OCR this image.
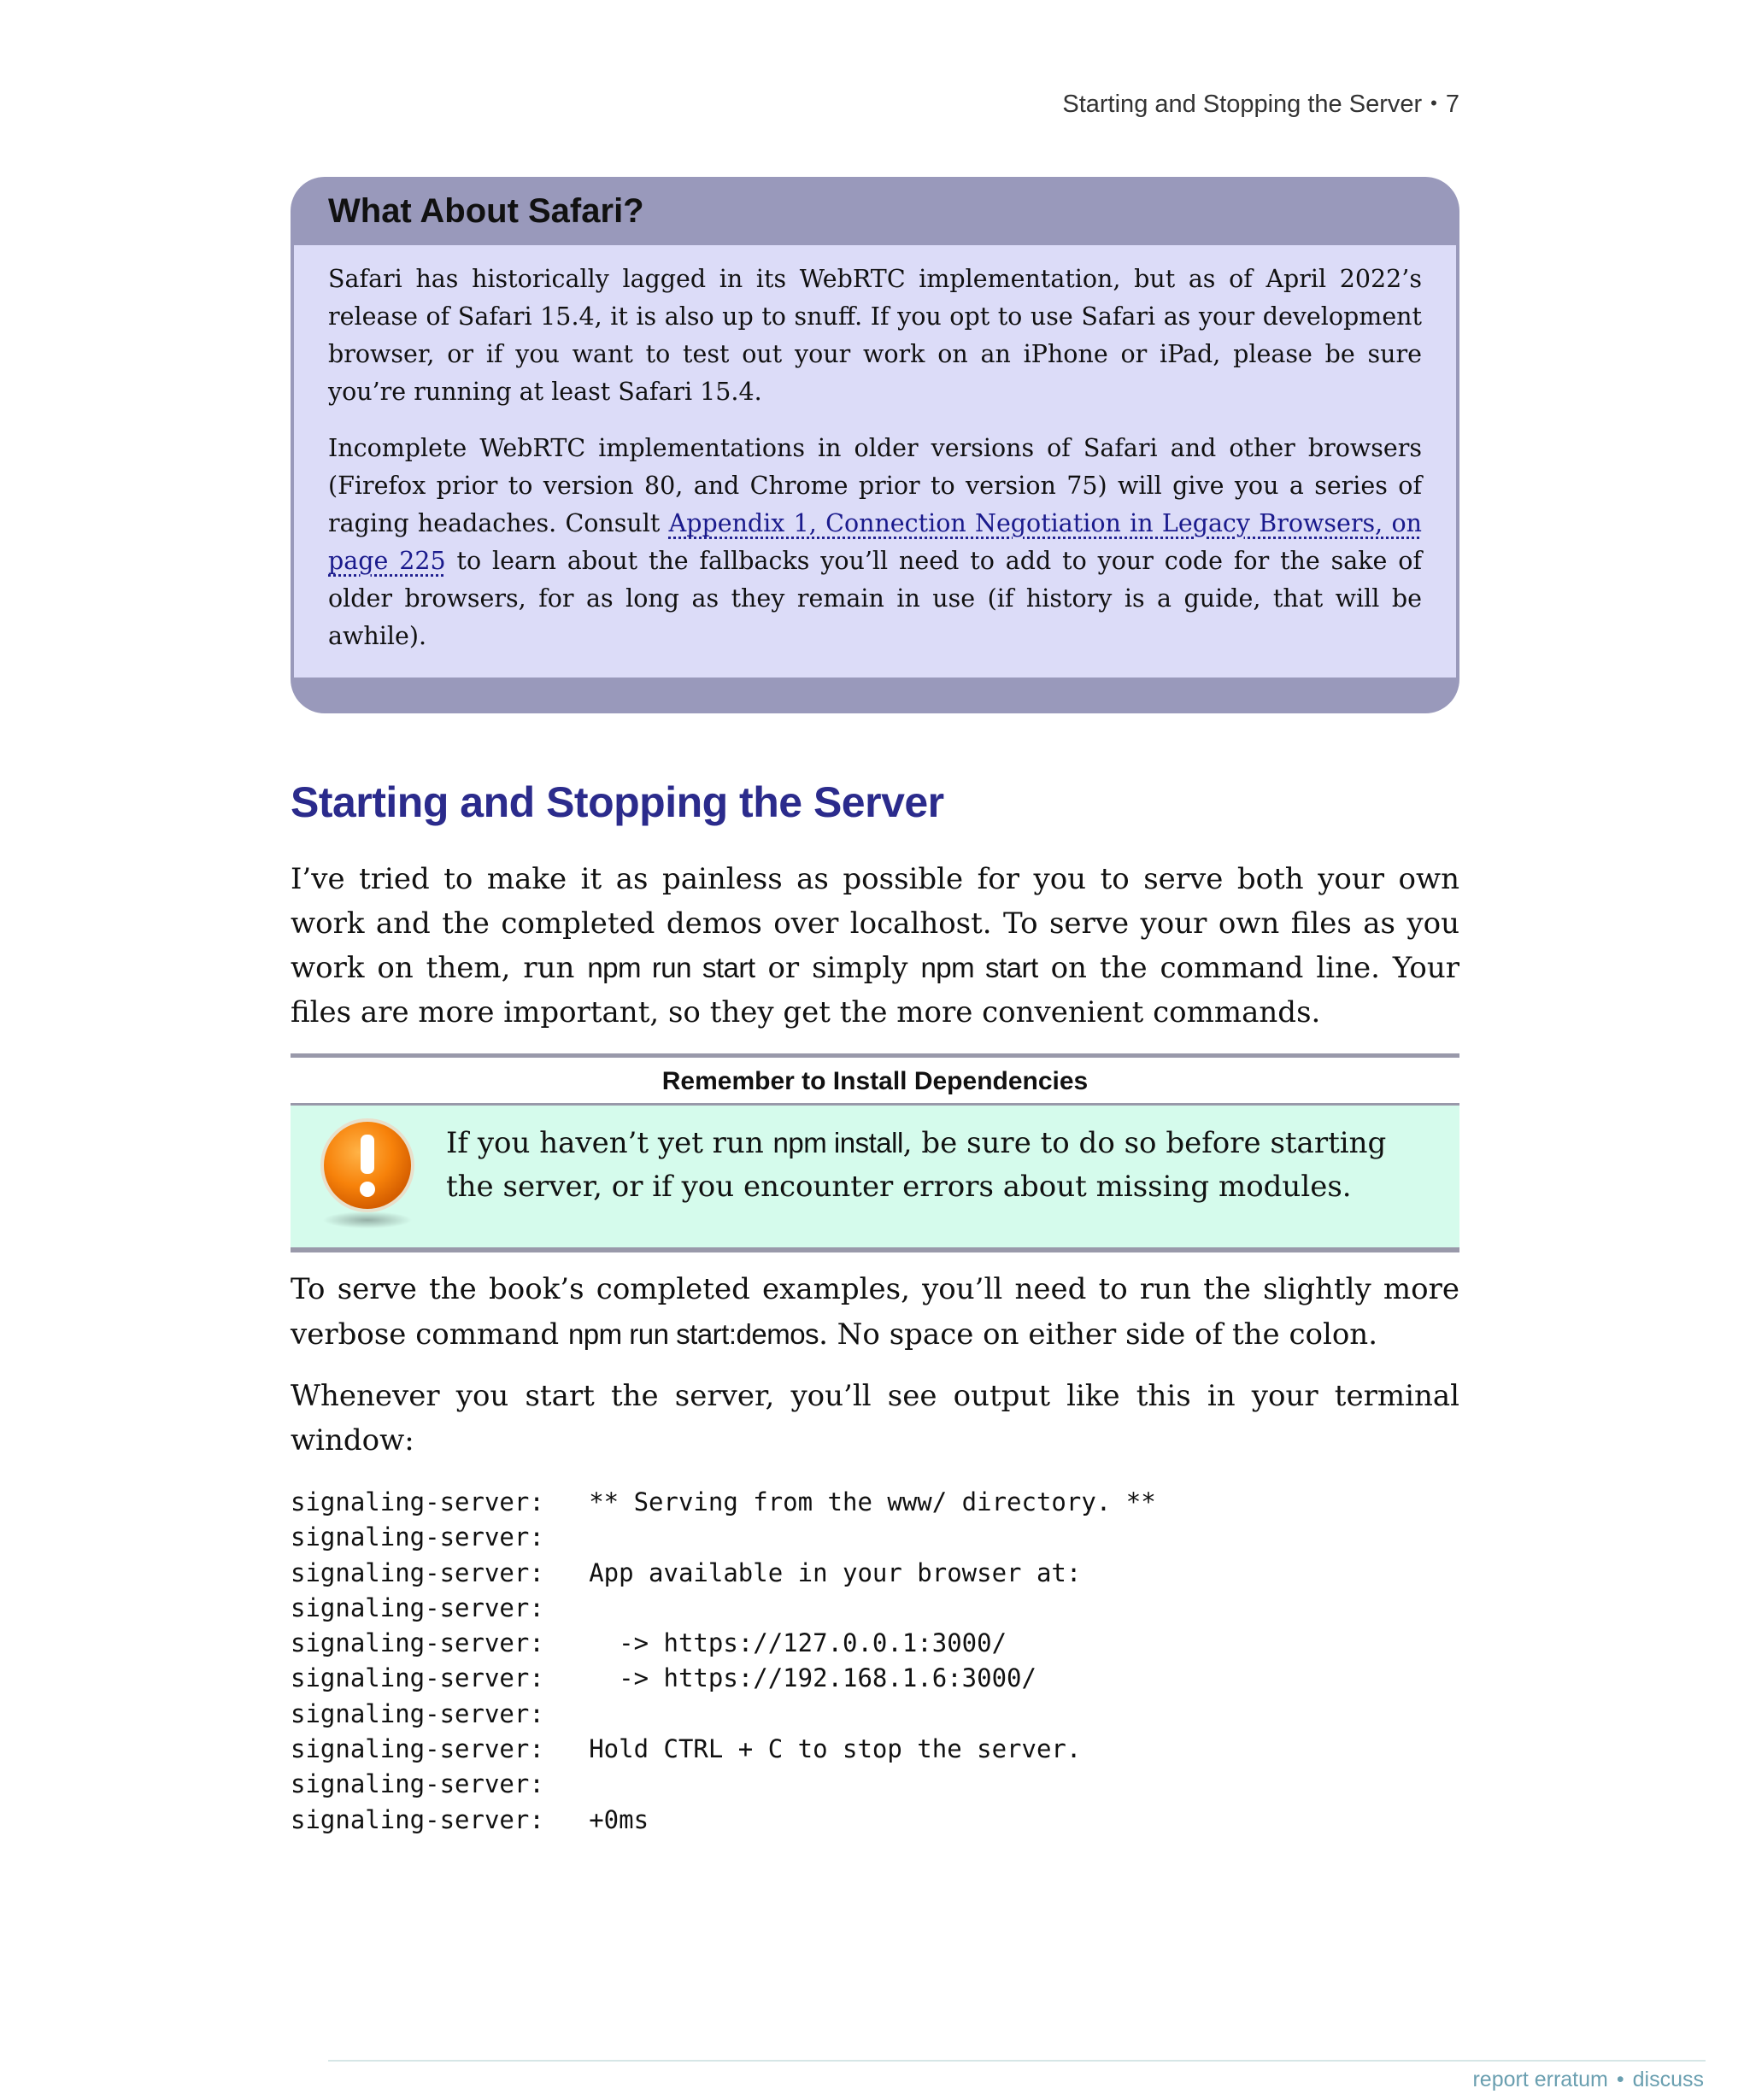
Starting and Stopping the Server • 7
What About Safari?

Safari has historically lagged in its WebRTC implementation, but as of April 2022’s release of Safari 15.4, it is also up to snuff. If you opt to use Safari as your development browser, or if you want to test out your work on an iPhone or iPad, please be sure you’re running at least Safari 15.4.

Incomplete WebRTC implementations in older versions of Safari and other browsers (Firefox prior to version 80, and Chrome prior to version 75) will give you a series of raging headaches. Consult Appendix 1, Connection Negotiation in Legacy Browsers, on page 225 to learn about the fallbacks you’ll need to add to your code for the sake of older browsers, for as long as they remain in use (if history is a guide, that will be awhile).

Starting and Stopping the Server

I’ve tried to make it as painless as possible for you to serve both your own work and the completed demos over localhost. To serve your own files as you work on them, run npm run start or simply npm start on the command line. Your files are more important, so they get the more convenient commands.

Remember to Install Dependencies
If you haven’t yet run npm install, be sure to do so before starting the server, or if you encounter errors about missing modules.

To serve the book’s completed examples, you’ll need to run the slightly more verbose command npm run start:demos. No space on either side of the colon.

Whenever you start the server, you’ll see output like this in your terminal window:

signaling-server:   ** Serving from the www/ directory. **
signaling-server:
signaling-server:   App available in your browser at:
signaling-server:
signaling-server:     -> https://127.0.0.1:3000/
signaling-server:     -> https://192.168.1.6:3000/
signaling-server:
signaling-server:   Hold CTRL + C to stop the server.
signaling-server:
signaling-server:   +0ms
report erratum • discuss
